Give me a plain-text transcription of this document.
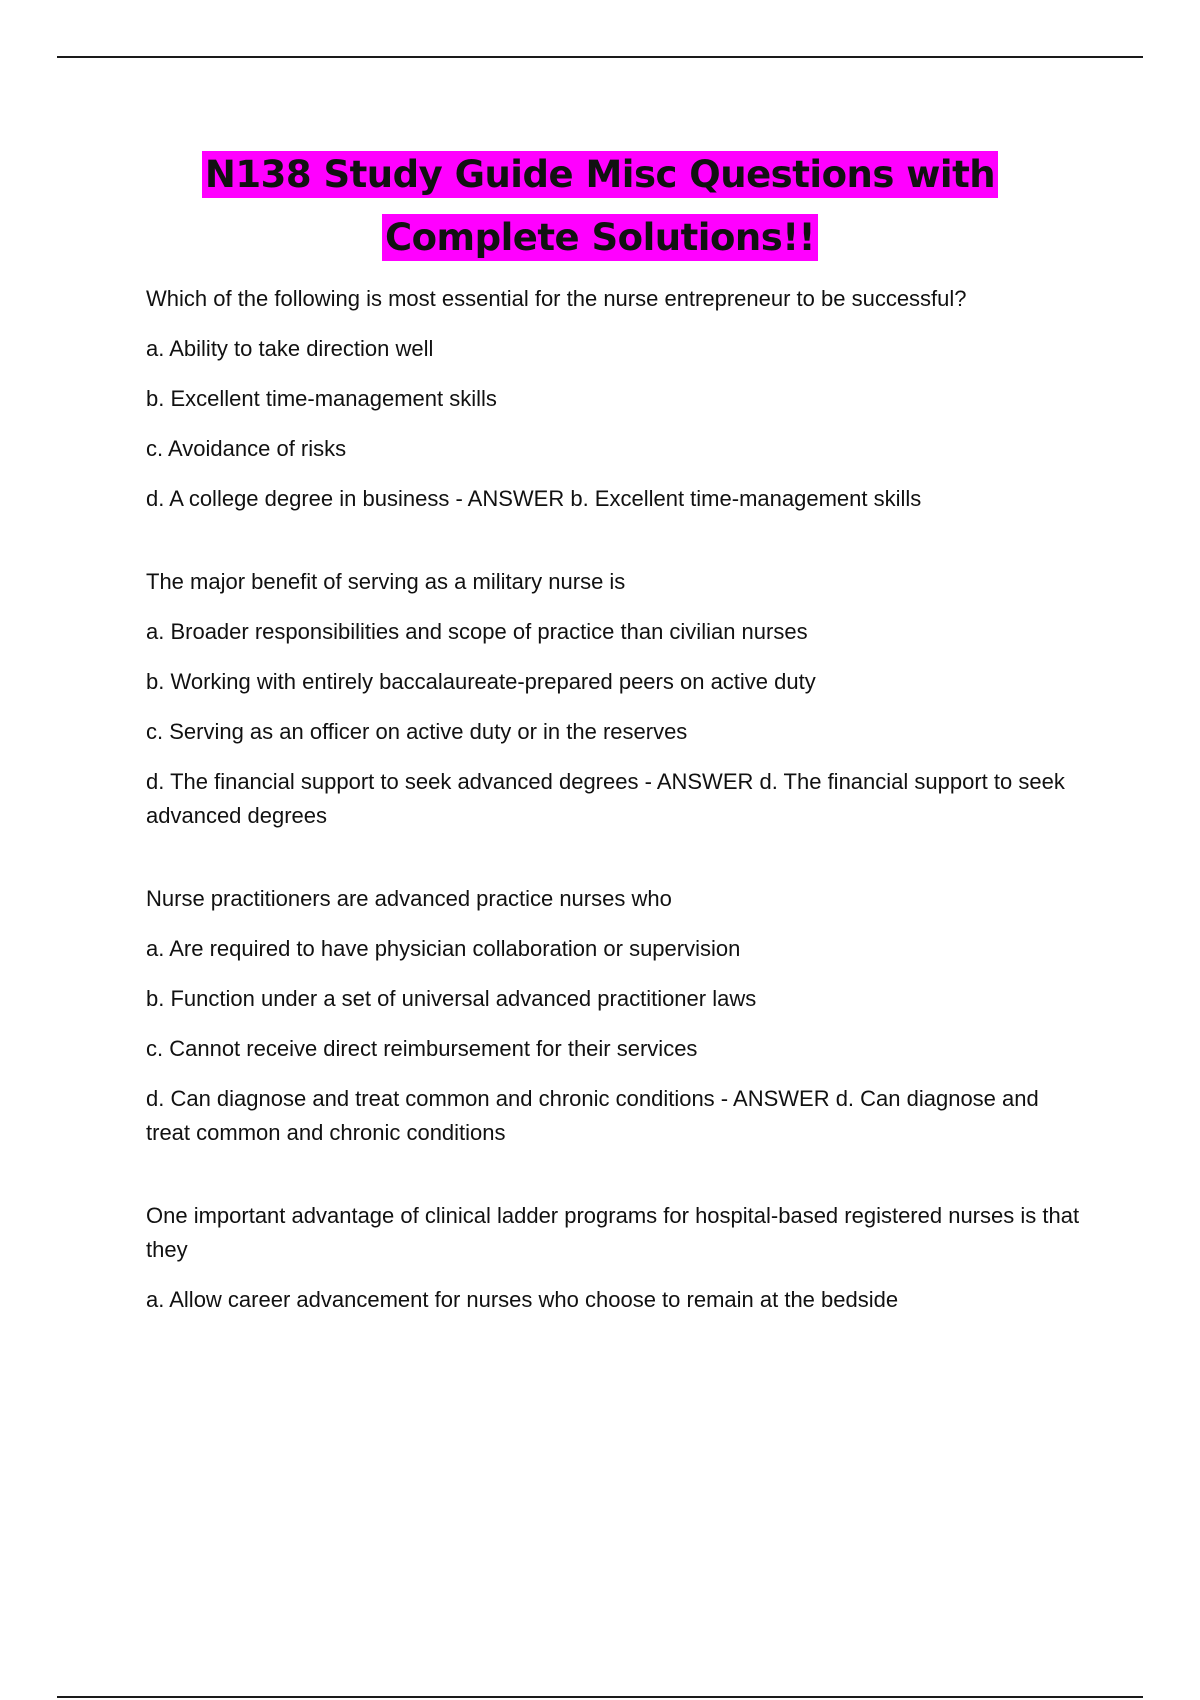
N138 Study Guide Misc Questions with
Complete Solutions!!

Which of the following is most essential for the nurse entrepreneur to be successful?

a. Ability to take direction well

b. Excellent time-management skills

c. Avoidance of risks

d. A college degree in business - ANSWER b. Excellent time-management skills

The major benefit of serving as a military nurse is

a. Broader responsibilities and scope of practice than civilian nurses

b. Working with entirely baccalaureate-prepared peers on active duty

c. Serving as an officer on active duty or in the reserves

d. The financial support to seek advanced degrees - ANSWER d. The financial support to seek advanced degrees

Nurse practitioners are advanced practice nurses who

a. Are required to have physician collaboration or supervision

b. Function under a set of universal advanced practitioner laws

c. Cannot receive direct reimbursement for their services

d. Can diagnose and treat common and chronic conditions - ANSWER d. Can diagnose and treat common and chronic conditions

One important advantage of clinical ladder programs for hospital-based registered nurses is that they

a. Allow career advancement for nurses who choose to remain at the bedside
